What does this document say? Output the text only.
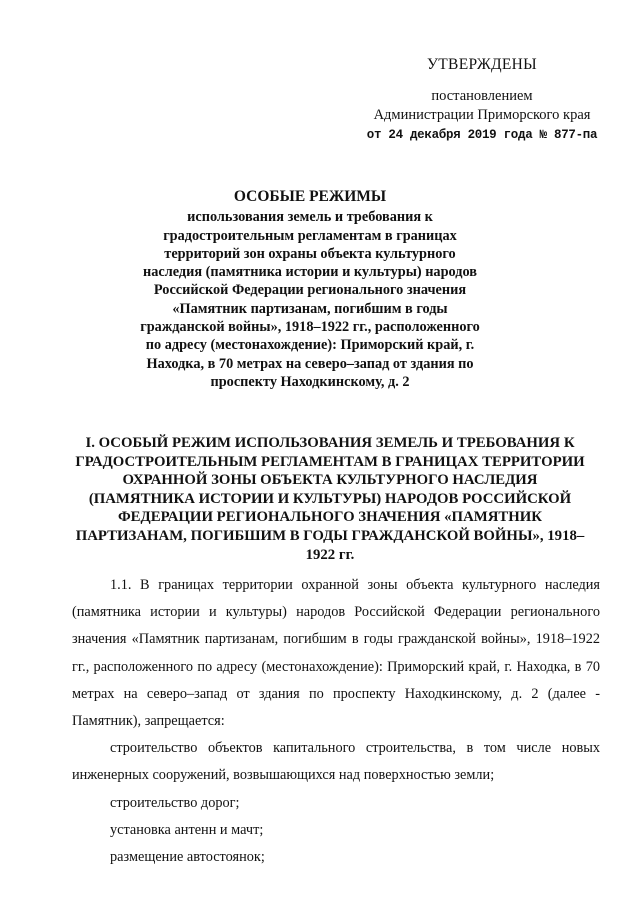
УТВЕРЖДЕНЫ
постановлением
Администрации Приморского края
от 24 декабря 2019 года № 877-па
ОСОБЫЕ РЕЖИМЫ
использования земель и требования к градостроительным регламентам в границах территорий зон охраны объекта культурного наследия (памятника истории и культуры) народов Российской Федерации регионального значения «Памятник партизанам, погибшим в годы гражданской войны», 1918–1922 гг., расположенного по адресу (местонахождение): Приморский край, г. Находка, в 70 метрах на северо–запад от здания по проспекту Находкинскому, д. 2
I. ОСОБЫЙ РЕЖИМ ИСПОЛЬЗОВАНИЯ ЗЕМЕЛЬ И ТРЕБОВАНИЯ К ГРАДОСТРОИТЕЛЬНЫМ РЕГЛАМЕНТАМ В ГРАНИЦАХ ТЕРРИТОРИИ ОХРАННОЙ ЗОНЫ ОБЪЕКТА КУЛЬТУРНОГО НАСЛЕДИЯ (ПАМЯТНИКА ИСТОРИИ И КУЛЬТУРЫ) НАРОДОВ РОССИЙСКОЙ ФЕДЕРАЦИИ РЕГИОНАЛЬНОГО ЗНАЧЕНИЯ «ПАМЯТНИК ПАРТИЗАНАМ, ПОГИБШИМ В ГОДЫ ГРАЖДАНСКОЙ ВОЙНЫ», 1918–1922 гг.

1.1. В границах территории охранной зоны объекта культурного наследия (памятника истории и культуры) народов Российской Федерации регионального значения «Памятник партизанам, погибшим в годы гражданской войны», 1918–1922 гг., расположенного по адресу (местонахождение): Приморский край, г. Находка, в 70 метрах на северо–запад от здания по проспекту Находкинскому, д. 2 (далее - Памятник), запрещается:

строительство объектов капитального строительства, в том числе новых инженерных сооружений, возвышающихся над поверхностью земли;

строительство дорог;

установка антенн и мачт;

размещение автостоянок;
